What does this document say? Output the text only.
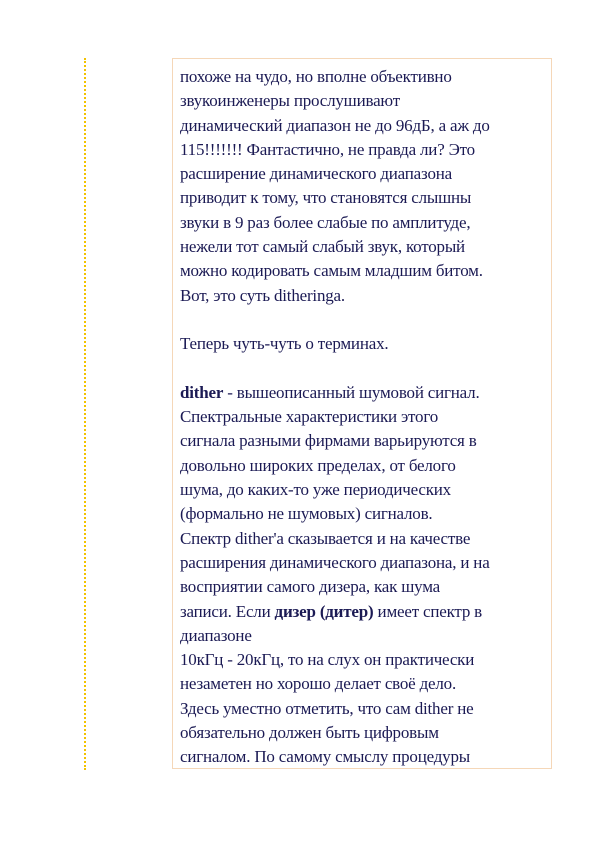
похоже на чудо, но вполне объективно

звукоинженеры прослушивают

динамический диапазон не до 96дБ, а аж до

115!!!!!!! Фантастично, не правда ли? Это

расширение динамического диапазона

приводит к тому, что становятся слышны

звуки в 9 раз более слабые по амплитуде,

нежели тот самый слабый звук, который

можно кодировать самым младшим битом.

Вот, это суть ditheringa.

Теперь чуть-чуть о терминах.

dither - вышеописанный шумовой сигнал.

Спектральные характеристики этого

сигнала разными фирмами варьируются в

довольно широких пределах, от белого

шума, до каких-то уже периодических

(формально не шумовых) сигналов.

Спектр dither'a сказывается и на качестве

расширения динамического диапазона, и на

восприятии самого дизера, как шума

записи. Если дизер (дитер) имеет спектр в

диапазоне

10кГц - 20кГц, то на слух он практически

незаметен но хорошо делает своё дело.

Здесь уместно отметить, что сам dither не

обязательно должен быть цифровым

сигналом. По самому смыслу процедуры
